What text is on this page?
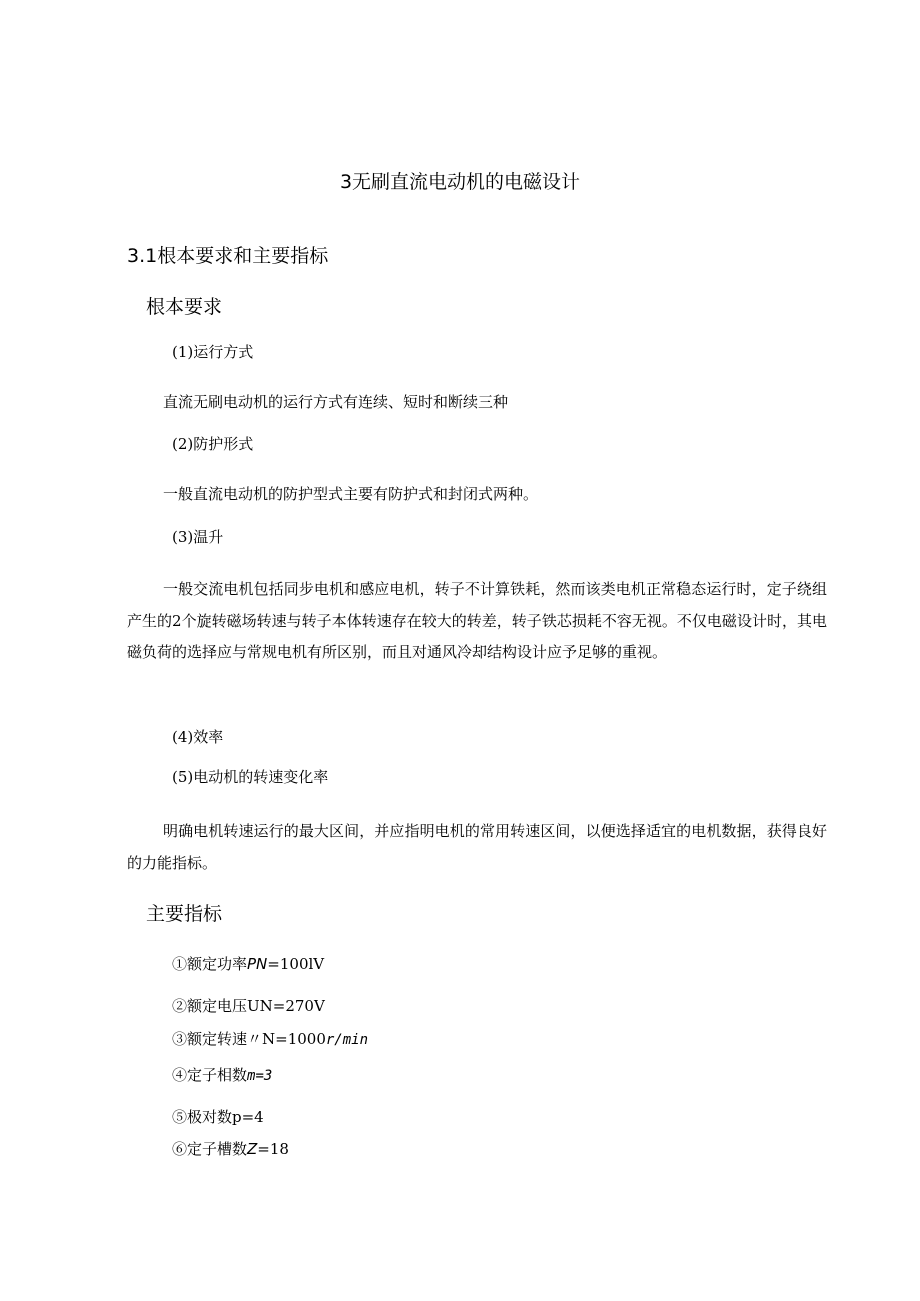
3无刷直流电动机的电磁设计
3.1根本要求和主要指标
根本要求
(1)运行方式
直流无刷电动机的运行方式有连续、短时和断续三种
(2)防护形式
一般直流电动机的防护型式主要有防护式和封闭式两种。
(3)温升
一般交流电机包括同步电机和感应电机，转子不计算铁耗，然而该类电机正常稳态运行时，定子绕组产生的2个旋转磁场转速与转子本体转速存在较大的转差，转子铁芯损耗不容无视。不仅电磁设计时，其电磁负荷的选择应与常规电机有所区别，而且对通风冷却结构设计应予足够的重视。
(4)效率
(5)电动机的转速变化率
明确电机转速运行的最大区间，并应指明电机的常用转速区间，以便选择适宜的电机数据，获得良好的力能指标。
主要指标
①额定功率PN=100lV
②额定电压UN=270V
③额定转速〃N=1000r/min
④定子相数m=3
⑤极对数p=4
⑥定子槽数Z=18
